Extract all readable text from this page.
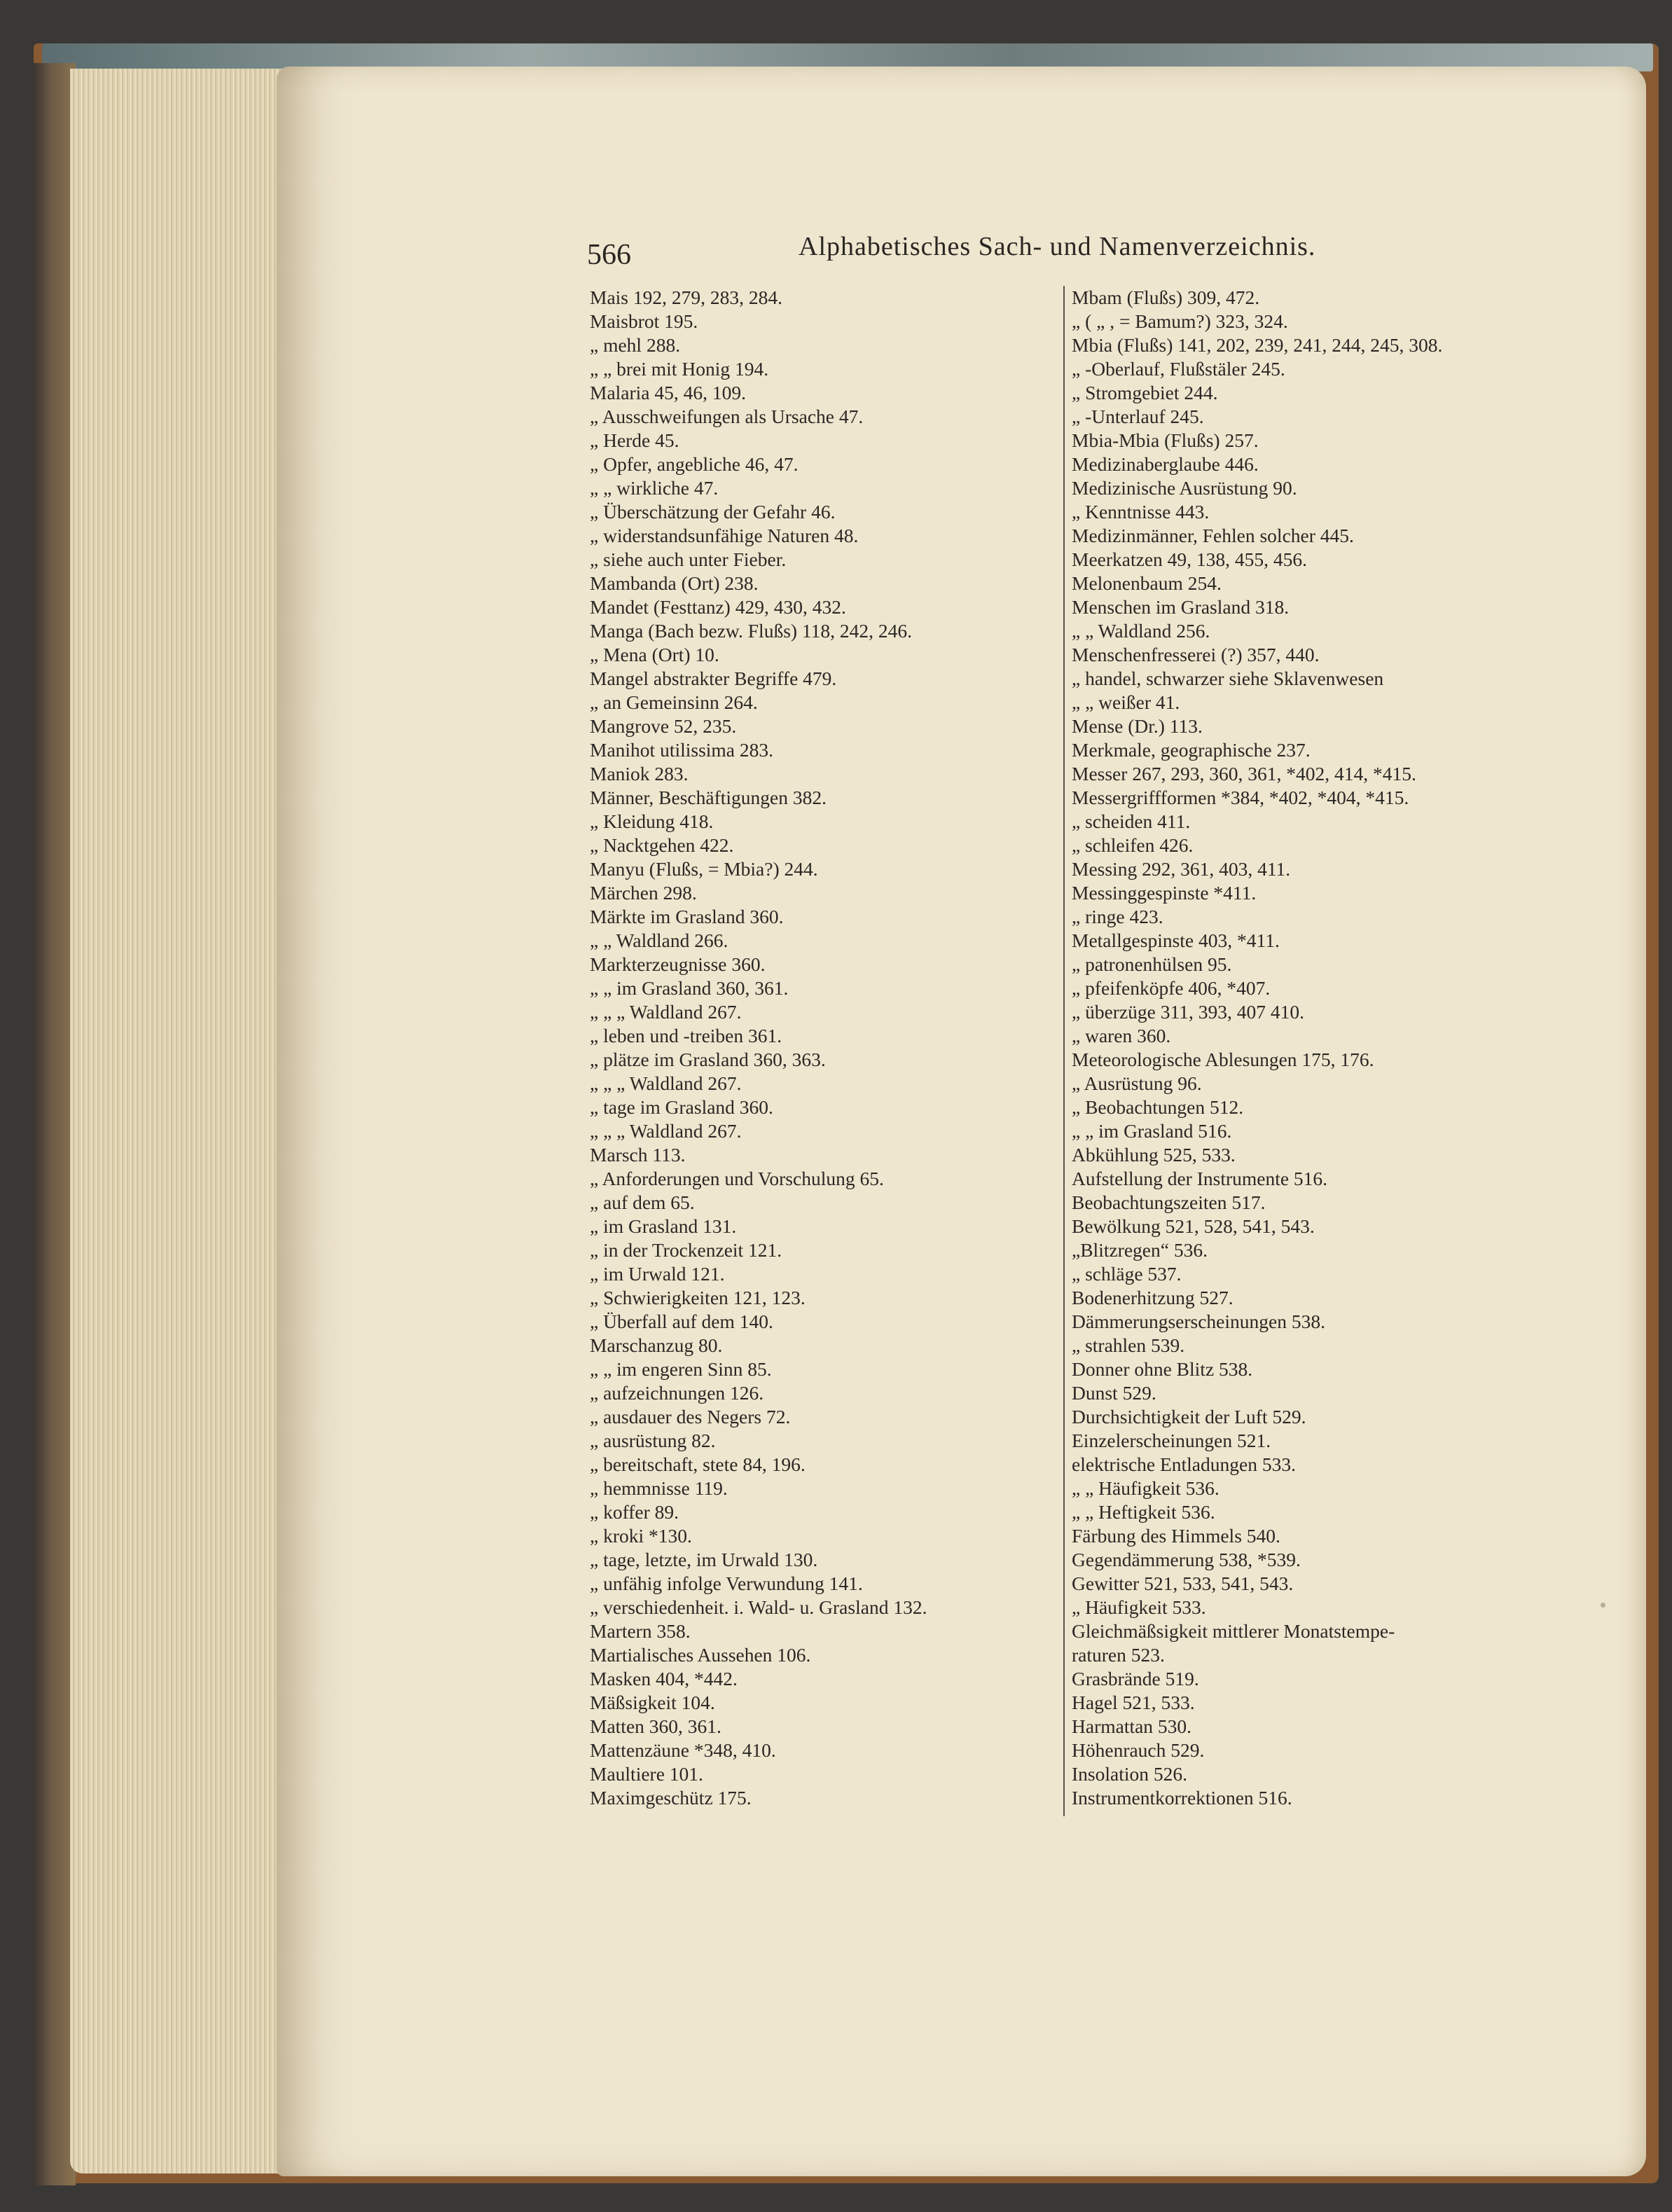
566	Alphabetisches Sach- und Namenverzeichnis.
Mais 192, 279, 283, 284.
Maisbrot 195.
„ mehl 288.
„ „ brei mit Honig 194.
Malaria 45, 46, 109.
„ Ausschweifungen als Ursache 47.
„ Herde 45.
„ Opfer, angebliche 46, 47.
„ „ wirkliche 47.
„ Überschätzung der Gefahr 46.
„ widerstandsunfähige Naturen 48.
„ siehe auch unter Fieber.
Mambanda (Ort) 238.
Mandet (Festtanz) 429, 430, 432.
Manga (Bach bezw. Flußs) 118, 242, 246.
„ Mena (Ort) 10.
Mangel abstrakter Begriffe 479.
„ an Gemeinsinn 264.
Mangrove 52, 235.
Manihot utilissima 283.
Maniok 283.
Männer, Beschäftigungen 382.
„ Kleidung 418.
„ Nacktgehen 422.
Manyu (Flußs, = Mbia?) 244.
Märchen 298.
Märkte im Grasland 360.
„ „ Waldland 266.
Markterzeugnisse 360.
„ „ im Grasland 360, 361.
„ „ „ Waldland 267.
„ leben und -treiben 361.
„ plätze im Grasland 360, 363.
„ „ „ Waldland 267.
„ tage im Grasland 360.
„ „ „ Waldland 267.
Marsch 113.
„ Anforderungen und Vorschulung 65.
„ auf dem 65.
„ im Grasland 131.
„ in der Trockenzeit 121.
„ im Urwald 121.
„ Schwierigkeiten 121, 123.
„ Überfall auf dem 140.
Marschanzug 80.
„ „ im engeren Sinn 85.
„ aufzeichnungen 126.
„ ausdauer des Negers 72.
„ ausrüstung 82.
„ bereitschaft, stete 84, 196.
„ hemmnisse 119.
„ koffer 89.
„ kroki *130.
„ tage, letzte, im Urwald 130.
„ unfähig infolge Verwundung 141.
„ verschiedenheit. i. Wald- u. Grasland 132.
Martern 358.
Martialisches Aussehen 106.
Masken 404, *442.
Mäßsigkeit 104.
Matten 360, 361.
Mattenzäune *348, 410.
Maultiere 101.
Maximgeschütz 175.
Mbam (Flußs) 309, 472.
„ ( „ , = Bamum?) 323, 324.
Mbia (Flußs) 141, 202, 239, 241, 244, 245, 308.
„ -Oberlauf, Flußstäler 245.
„ Stromgebiet 244.
„ -Unterlauf 245.
Mbia-Mbia (Flußs) 257.
Medizinaberglaube 446.
Medizinische Ausrüstung 90.
„ Kenntnisse 443.
Medizinmänner, Fehlen solcher 445.
Meerkatzen 49, 138, 455, 456.
Melonenbaum 254.
Menschen im Grasland 318.
„ „ Waldland 256.
Menschenfresserei (?) 357, 440.
„ handel, schwarzer siehe Sklavenwesen
„ „ weißer 41.
Mense (Dr.) 113.
Merkmale, geographische 237.
Messer 267, 293, 360, 361, *402, 414, *415.
Messergriffformen *384, *402, *404, *415.
„ scheiden 411.
„ schleifen 426.
Messing 292, 361, 403, 411.
Messinggespinste *411.
„ ringe 423.
Metallgespinste 403, *411.
„ patronenhülsen 95.
„ pfeifenköpfe 406, *407.
„ überzüge 311, 393, 407 410.
„ waren 360.
Meteorologische Ablesungen 175, 176.
„ Ausrüstung 96.
„ Beobachtungen 512.
„ „ im Grasland 516.
Abkühlung 525, 533.
Aufstellung der Instrumente 516.
Beobachtungszeiten 517.
Bewölkung 521, 528, 541, 543.
„Blitzregen“ 536.
„ schläge 537.
Bodenerhitzung 527.
Dämmerungserscheinungen 538.
„ strahlen 539.
Donner ohne Blitz 538.
Dunst 529.
Durchsichtigkeit der Luft 529.
Einzelerscheinungen 521.
elektrische Entladungen 533.
„ „ Häufigkeit 536.
„ „ Heftigkeit 536.
Färbung des Himmels 540.
Gegendämmerung 538, *539.
Gewitter 521, 533, 541, 543.
„ Häufigkeit 533.
Gleichmäßsigkeit mittlerer Monatstempe-
raturen 523.
Grasbrände 519.
Hagel 521, 533.
Harmattan 530.
Höhenrauch 529.
Insolation 526.
Instrumentkorrektionen 516.
